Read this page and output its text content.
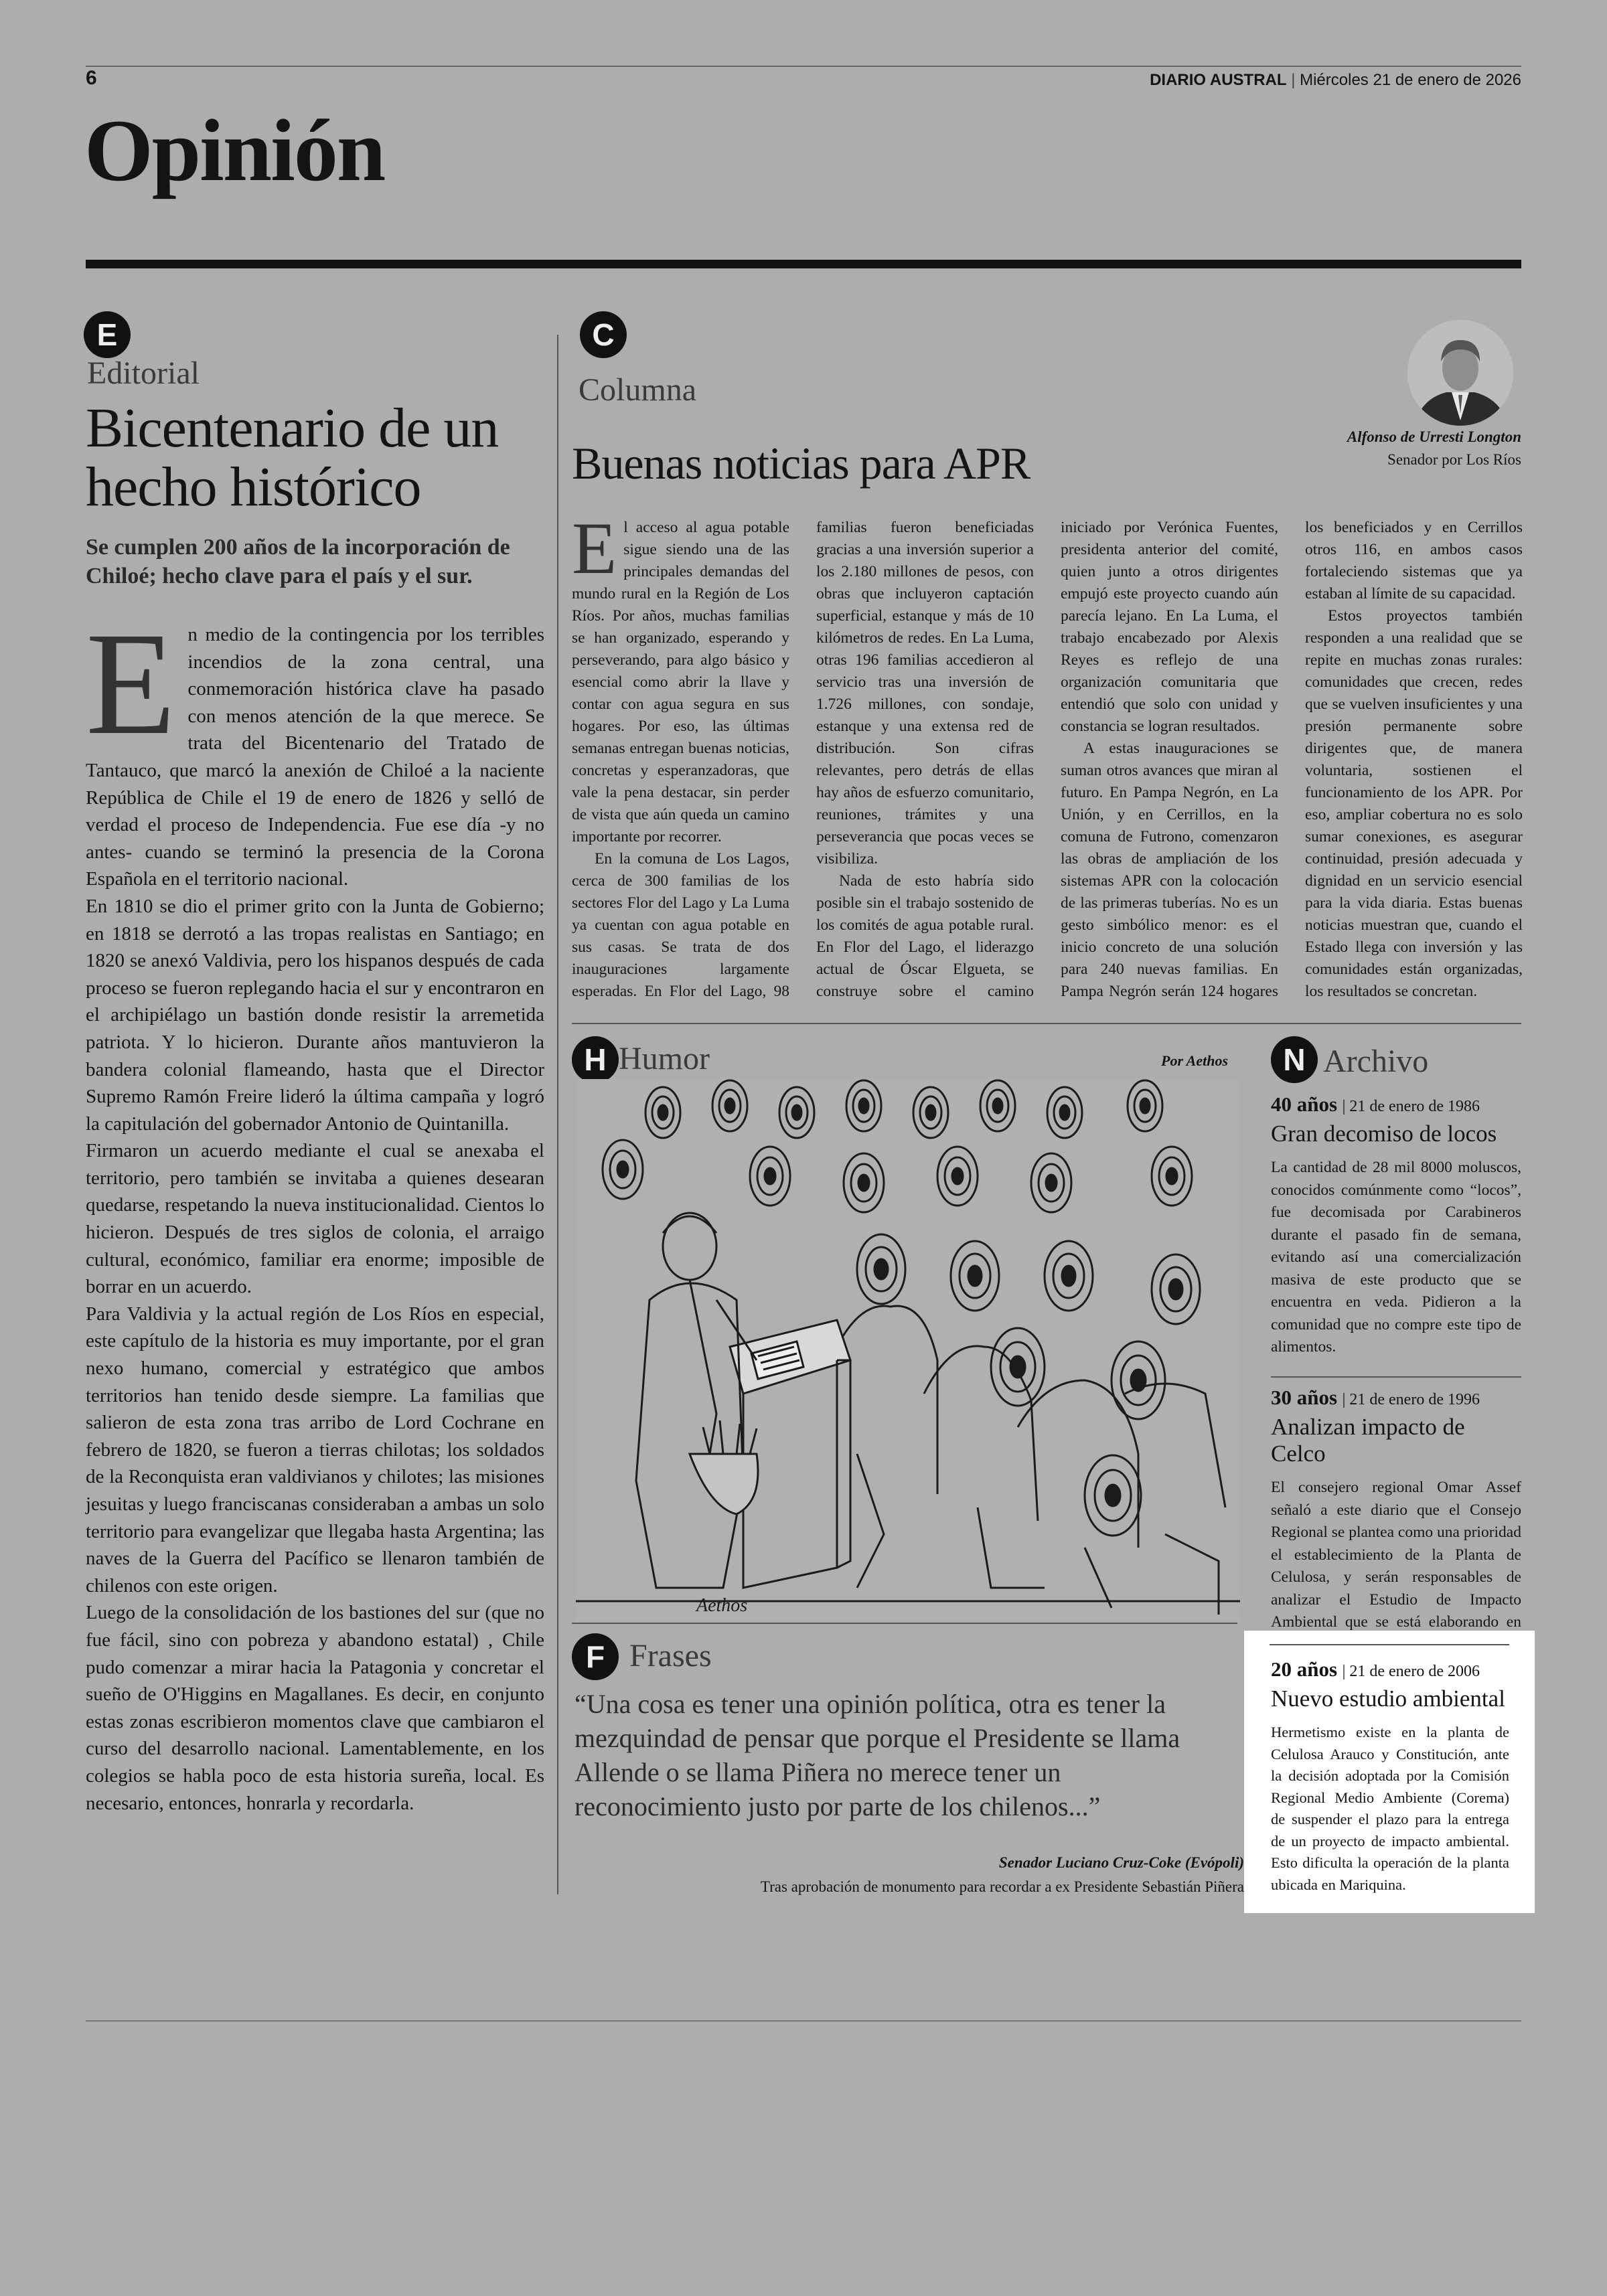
6	DIARIO AUSTRAL | Miércoles 21 de enero de 2026
Opinión
E
Editorial
Bicentenario de un hecho histórico
Se cumplen 200 años de la incorporación de Chiloé; hecho clave para el país y el sur.
E n medio de la contingencia por los terribles incendios de la zona central, una conmemoración histórica clave ha pasado con menos atención de la que merece. Se trata del Bicentenario del Tratado de Tantauco, que marcó la anexión de Chiloé a la naciente República de Chile el 19 de enero de 1826 y selló de verdad el proceso de Independencia. Fue ese día -y no antes- cuando se terminó la presencia de la Corona Española en el territorio nacional.

En 1810 se dio el primer grito con la Junta de Gobierno; en 1818 se derrotó a las tropas realistas en Santiago; en 1820 se anexó Valdivia, pero los hispanos después de cada proceso se fueron replegando hacia el sur y encontraron en el archipiélago un bastión donde resistir la arremetida patriota. Y lo hicieron. Durante años mantuvieron la bandera colonial flameando, hasta que el Director Supremo Ramón Freire lideró la última campaña y logró la capitulación del gobernador Antonio de Quintanilla.

Firmaron un acuerdo mediante el cual se anexaba el territorio, pero también se invitaba a quienes desearan quedarse, respetando la nueva institucionalidad. Cientos lo hicieron. Después de tres siglos de colonia, el arraigo cultural, económico, familiar era enorme; imposible de borrar en un acuerdo.

Para Valdivia y la actual región de Los Ríos en especial, este capítulo de la historia es muy importante, por el gran nexo humano, comercial y estratégico que ambos territorios han tenido desde siempre. La familias que salieron de esta zona tras arribo de Lord Cochrane en febrero de 1820, se fueron a tierras chilotas; los soldados de la Reconquista eran valdivianos y chilotes; las misiones jesuitas y luego franciscanas consideraban a ambas un solo territorio para evangelizar que llegaba hasta Argentina; las naves de la Guerra del Pacífico se llenaron también de chilenos con este origen.

Luego de la consolidación de los bastiones del sur (que no fue fácil, sino con pobreza y abandono estatal) , Chile pudo comenzar a mirar hacia la Patagonia y concretar el sueño de O'Higgins en Magallanes. Es decir, en conjunto estas zonas escribieron momentos clave que cambiaron el curso del desarrollo nacional. Lamentablemente, en los colegios se habla poco de esta historia sureña, local. Es necesario, entonces, honrarla y recordarla.

C
Columna
Buenas noticias para APR
Alfonso de Urresti Longton
Senador por Los Ríos
E l acceso al agua potable sigue siendo una de las principales demandas del mundo rural en la Región de Los Ríos. Por años, muchas familias se han organizado, esperando y perseverando, para algo básico y esencial como abrir la llave y contar con agua segura en sus hogares. Por eso, las últimas semanas entregan buenas noticias, concretas y esperanzadoras, que vale la pena destacar, sin perder de vista que aún queda un camino importante por recorrer.

En la comuna de Los Lagos, cerca de 300 familias de los sectores Flor del Lago y La Luma ya cuentan con agua potable en sus casas. Se trata de dos inauguraciones largamente esperadas. En Flor del Lago, 98 familias fueron beneficiadas gracias a una inversión superior a los 2.180 millones de pesos, con obras que incluyeron captación superficial, estanque y más de 10 kilómetros de redes. En La Luma, otras 196 familias accedieron al servicio tras una inversión de 1.726 millones, con sondaje, estanque y una extensa red de distribución. Son cifras relevantes, pero detrás de ellas hay años de esfuerzo comunitario, reuniones, trámites y una perseverancia que pocas veces se visibiliza.

Nada de esto habría sido posible sin el trabajo sostenido de los comités de agua potable rural. En Flor del Lago, el liderazgo actual de Óscar Elgueta, se construye sobre el camino iniciado por Verónica Fuentes, presidenta anterior del comité, quien junto a otros dirigentes empujó este proyecto cuando aún parecía lejano. En La Luma, el trabajo encabezado por Alexis Reyes es reflejo de una organización comunitaria que entendió que solo con unidad y constancia se logran resultados.

A estas inauguraciones se suman otros avances que miran al futuro. En Pampa Negrón, en La Unión, y en Cerrillos, en la comuna de Futrono, comenzaron las obras de ampliación de los sistemas APR con la colocación de las primeras tuberías. No es un gesto simbólico menor: es el inicio concreto de una solución para 240 nuevas familias. En Pampa Negrón serán 124 hogares los beneficiados y en Cerrillos otros 116, en ambos casos fortaleciendo sistemas que ya estaban al límite de su capacidad.

Estos proyectos también responden a una realidad que se repite en muchas zonas rurales: comunidades que crecen, redes que se vuelven insuficientes y una presión permanente sobre dirigentes que, de manera voluntaria, sostienen el funcionamiento de los APR. Por eso, ampliar cobertura no es solo sumar conexiones, es asegurar continuidad, presión adecuada y dignidad en un servicio esencial para la vida diaria. Estas buenas noticias muestran que, cuando el Estado llega con inversión y las comunidades están organizadas, los resultados se concretan.

H Humor	Por Aethos
Aethos
F Frases
“Una cosa es tener una opinión política, otra es tener la mezquindad de pensar que porque el Presidente se llama Allende o se llama Piñera no merece tener un reconocimiento justo por parte de los chilenos...”
Senador Luciano Cruz-Coke (Evópoli)
Tras aprobación de monumento para recordar a ex Presidente Sebastián Piñera
N Archivo
40 años | 21 de enero de 1986
Gran decomiso de locos
La cantidad de 28 mil 8000 moluscos, conocidos comúnmente como “locos”, fue decomisada por Carabineros durante el pasado fin de semana, evitando así una comercialización masiva de este producto que se encuentra en veda. Pidieron a la comunidad que no compre este tipo de alimentos.
30 años | 21 de enero de 1996
Analizan impacto de Celco
El consejero regional Omar Assef señaló a este diario que el Consejo Regional se plantea como una prioridad el establecimiento de la Planta de Celulosa, y serán responsables de analizar el Estudio de Impacto Ambiental que se está elaborando en
20 años | 21 de enero de 2006
Nuevo estudio ambiental
Hermetismo existe en la planta de Celulosa Arauco y Constitución, ante la decisión adoptada por la Comisión Regional Medio Ambiente (Corema) de suspender el plazo para la entrega de un proyecto de impacto ambiental. Esto dificulta la operación de la planta ubicada en Mariquina.
